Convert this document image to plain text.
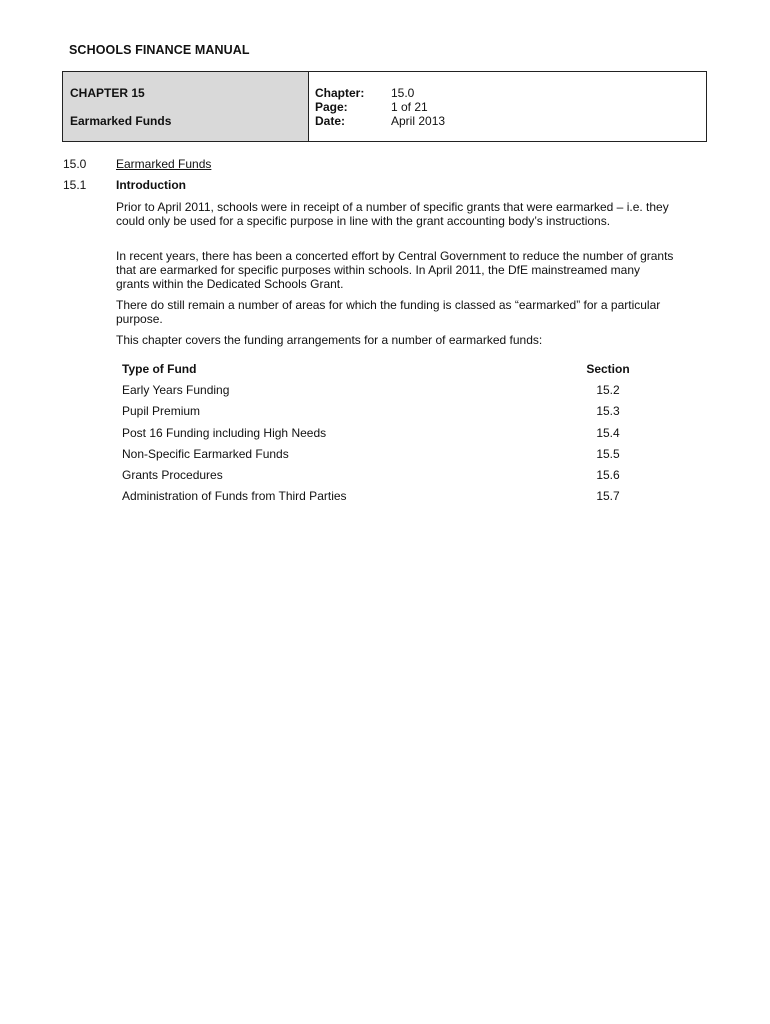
SCHOOLS FINANCE MANUAL
CHAPTER 15
Earmarked Funds
Chapter: 15.0
Page:	1 of 21
Date:	April 2013
15.0 Earmarked Funds
15.1 Introduction
Prior to April 2011, schools were in receipt of a number of specific grants that were earmarked – i.e. they could only be used for a specific purpose in line with the grant accounting body’s instructions.
In recent years, there has been a concerted effort by Central Government to reduce the number of grants that are earmarked for specific purposes within schools. In April 2011, the DfE mainstreamed many grants within the Dedicated Schools Grant.
There do still remain a number of areas for which the funding is classed as “earmarked” for a particular purpose.
This chapter covers the funding arrangements for a number of earmarked funds:
Type of Fund	Section
Early Years Funding	15.2
Pupil Premium	15.3
Post 16 Funding including High Needs	15.4
Non-Specific Earmarked Funds	15.5
Grants Procedures	15.6
Administration of Funds from Third Parties	15.7
